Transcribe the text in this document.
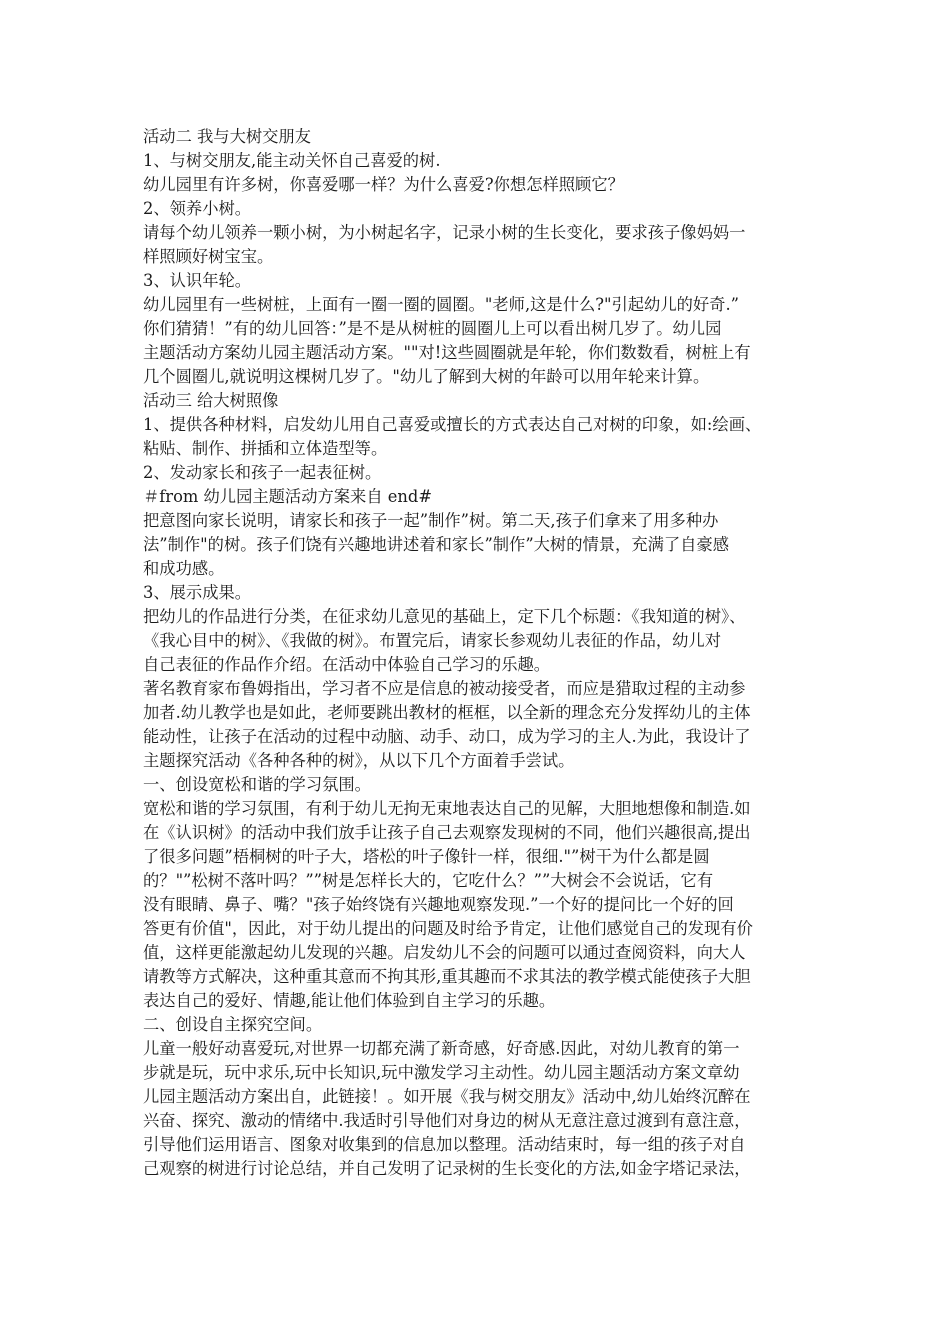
活动二 我与大树交朋友
1、与树交朋友,能主动关怀自己喜爱的树.
幼儿园里有许多树，你喜爱哪一样？为什么喜爱?你想怎样照顾它？
2、领养小树。
请每个幼儿领养一颗小树，为小树起名字，记录小树的生长变化，要求孩子像妈妈一
样照顾好树宝宝。
3、认识年轮。
幼儿园里有一些树桩，上面有一圈一圈的圆圈。"老师,这是什么?"引起幼儿的好奇.”
你们猜猜！”有的幼儿回答：”是不是从树桩的圆圈儿上可以看出树几岁了。幼儿园
主题活动方案幼儿园主题活动方案。""对!这些圆圈就是年轮，你们数数看，树桩上有
几个圆圈儿,就说明这棵树几岁了。"幼儿了解到大树的年龄可以用年轮来计算。
活动三 给大树照像
1、提供各种材料，启发幼儿用自己喜爱或擅长的方式表达自己对树的印象，如:绘画、
粘贴、制作、拼插和立体造型等。
2、发动家长和孩子一起表征树。
＃from 幼儿园主题活动方案来自 end#
把意图向家长说明，请家长和孩子一起”制作”树。第二天,孩子们拿来了用多种办
法”制作"的树。孩子们饶有兴趣地讲述着和家长”制作”大树的情景，充满了自豪感
和成功感。
3、展示成果。
把幼儿的作品进行分类，在征求幼儿意见的基础上，定下几个标题：《我知道的树》、
《我心目中的树》、《我做的树》。布置完后，请家长参观幼儿表征的作品，幼儿对
自己表征的作品作介绍。在活动中体验自己学习的乐趣。
著名教育家布鲁姆指出，学习者不应是信息的被动接受者，而应是猎取过程的主动参
加者.幼儿教学也是如此，老师要跳出教材的框框，以全新的理念充分发挥幼儿的主体
能动性，让孩子在活动的过程中动脑、动手、动口，成为学习的主人.为此，我设计了
主题探究活动《各种各种的树》，从以下几个方面着手尝试。
一、创设宽松和谐的学习氛围。
宽松和谐的学习氛围，有利于幼儿无拘无束地表达自己的见解，大胆地想像和制造.如
在《认识树》的活动中我们放手让孩子自己去观察发现树的不同，他们兴趣很高,提出
了很多问题”梧桐树的叶子大，塔松的叶子像针一样，很细."”树干为什么都是圆
的？"”松树不落叶吗？””树是怎样长大的，它吃什么？””大树会不会说话，它有
没有眼睛、鼻子、嘴？"孩子始终饶有兴趣地观察发现.”一个好的提问比一个好的回
答更有价值"，因此，对于幼儿提出的问题及时给予肯定，让他们感觉自己的发现有价
值，这样更能激起幼儿发现的兴趣。启发幼儿不会的问题可以通过查阅资料，向大人
请教等方式解决，这种重其意而不拘其形,重其趣而不求其法的教学模式能使孩子大胆
表达自己的爱好、情趣,能让他们体验到自主学习的乐趣。
二、创设自主探究空间。
儿童一般好动喜爱玩,对世界一切都充满了新奇感，好奇感.因此，对幼儿教育的第一
步就是玩，玩中求乐,玩中长知识,玩中激发学习主动性。幼儿园主题活动方案文章幼
儿园主题活动方案出自，此链接！。如开展《我与树交朋友》活动中,幼儿始终沉醉在
兴奋、探究、激动的情绪中.我适时引导他们对身边的树从无意注意过渡到有意注意，
引导他们运用语言、图象对收集到的信息加以整理。活动结束时，每一组的孩子对自
己观察的树进行讨论总结，并自己发明了记录树的生长变化的方法,如金字塔记录法，
